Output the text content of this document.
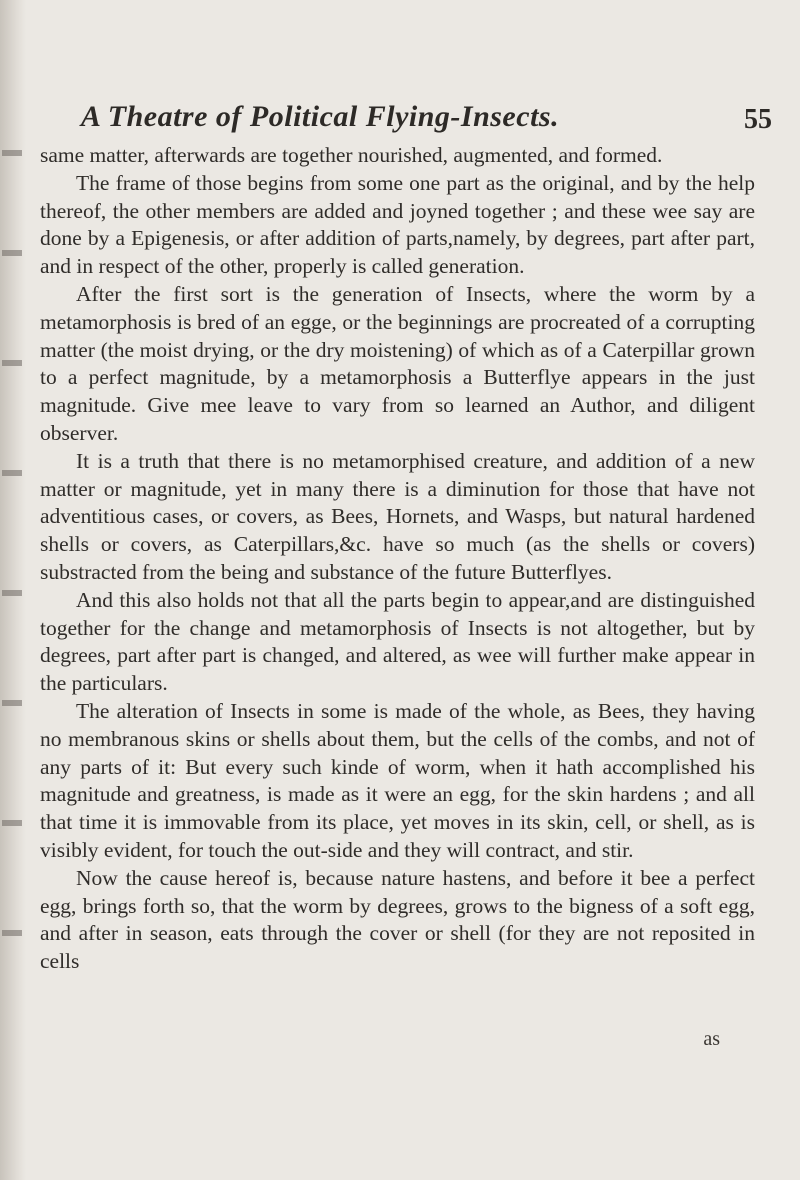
A Theatre of Political Flying-Insects.	55

same matter, afterwards are together nourished, augmented, and formed.

The frame of those begins from some one part as the original, and by the help thereof, the other members are added and joyned together ; and these wee say are done by a Epigenesis, or after addition of parts,namely, by degrees, part after part, and in respect of the other, properly is called generation.

After the first sort is the generation of Insects, where the worm by a metamorphosis is bred of an egge, or the beginnings are procreated of a corrupting matter (the moist drying, or the dry moistening) of which as of a Caterpillar grown to a perfect magnitude, by a metamorphosis a Butterflye appears in the just magnitude. Give mee leave to vary from so learned an Author, and diligent observer.

It is a truth that there is no metamorphised creature, and addition of a new matter or magnitude, yet in many there is a diminution for those that have not adventitious cases, or covers, as Bees, Hornets, and Wasps, but natural hardened shells or covers, as Caterpillars,&c. have so much (as the shells or covers) substracted from the being and substance of the future Butterflyes.

And this also holds not that all the parts begin to appear,and are distinguished together for the change and metamorphosis of Insects is not altogether, but by degrees, part after part is changed, and altered, as wee will further make appear in the particulars.

The alteration of Insects in some is made of the whole, as Bees, they having no membranous skins or shells about them, but the cells of the combs, and not of any parts of it: But every such kinde of worm, when it hath accomplished his magnitude and greatness, is made as it were an egg, for the skin hardens ; and all that time it is immovable from its place, yet moves in its skin, cell, or shell, as is visibly evident, for touch the out-side and they will contract, and stir.

Now the cause hereof is, because nature hastens, and before it bee a perfect egg, brings forth so, that the worm by degrees, grows to the bigness of a soft egg, and after in season, eats through the cover or shell (for they are not reposited in cells

as
